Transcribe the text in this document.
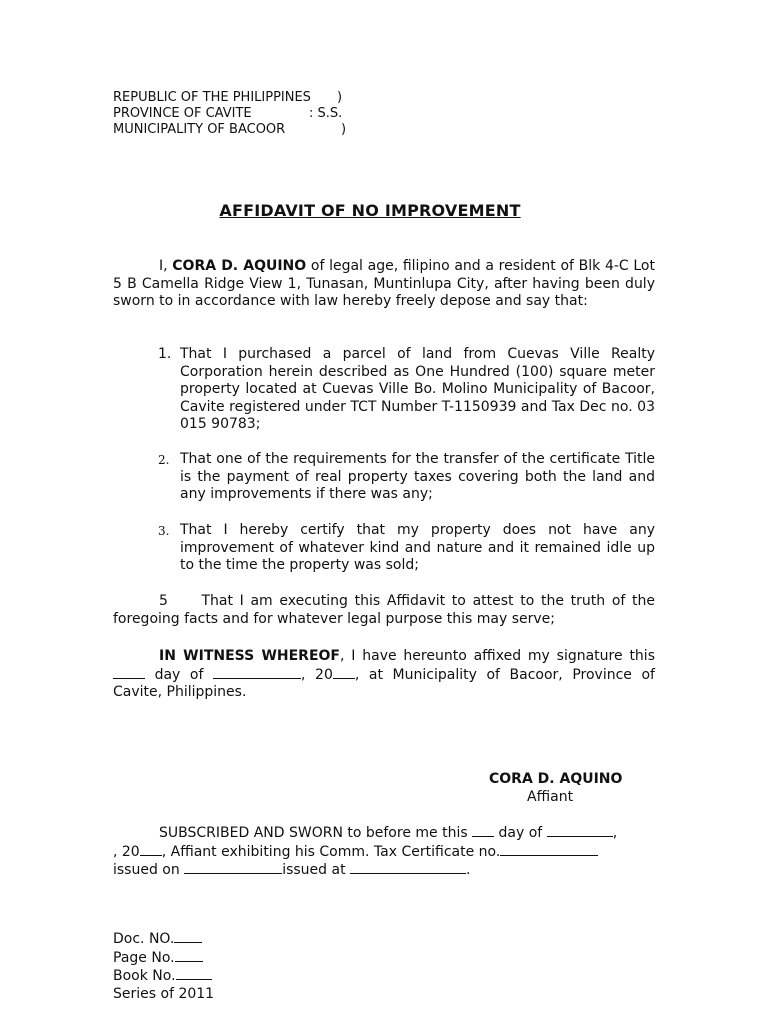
REPUBLIC OF THE PHILIPPINES )
PROVINCE OF CAVITE	: S.S.
MUNICIPALITY OF BACOOR	)
AFFIDAVIT OF NO IMPROVEMENT
I, CORA D. AQUINO of legal age, filipino and a resident of Blk 4-C Lot 5 B Camella Ridge View 1, Tunasan, Muntinlupa City, after having been duly sworn to in accordance with law hereby freely depose and say that:
1. That I purchased a parcel of land from Cuevas Ville Realty Corporation herein described as One Hundred (100) square meter property located at Cuevas Ville Bo. Molino Municipality of Bacoor, Cavite registered under TCT Number T-1150939 and Tax Dec no. 03 015 90783;
2. That one of the requirements for the transfer of the certificate Title is the payment of real property taxes covering both the land and any improvements if there was any;
3. That I hereby certify that my property does not have any improvement of whatever kind and nature and it remained idle up to the time the property was sold;
5 That I am executing this Affidavit to attest to the truth of the foregoing facts and for whatever legal purpose this may serve;
IN WITNESS WHEREOF, I have hereunto affixed my signature this  day of	, 20 , at Municipality of Bacoor, Province of Cavite, Philippines.
CORA D. AQUINO
Affiant
SUBSCRIBED AND SWORN to before me this  day of	,
, 20 , Affiant exhibiting his Comm. Tax Certificate no.
issued on	issued at	.
Doc. NO.
Page No.
Book No.
Series of 2011
